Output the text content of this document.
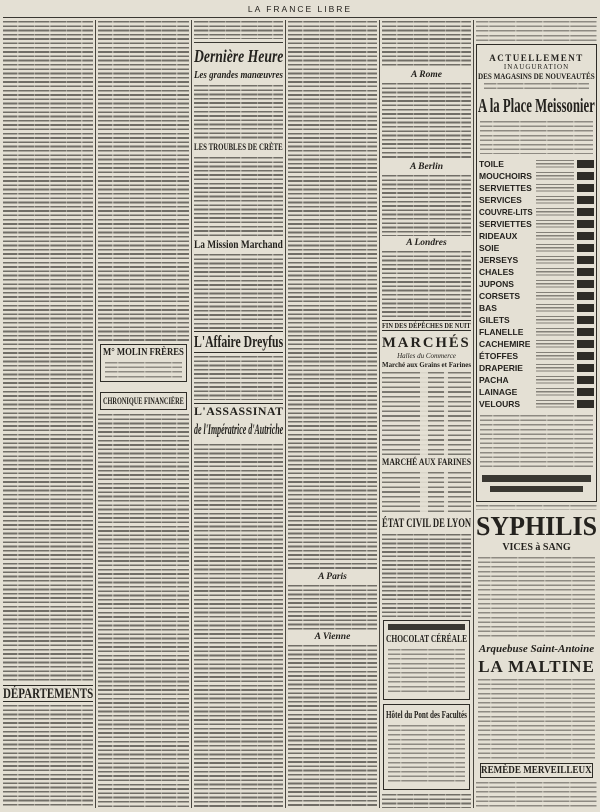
LA FRANCE LIBRE
DÉPARTEMENTS
M° MOLIN FRÈRES
CHRONIQUE FINANCIÈRE
Dernière Heure
Les grandes manœuvres
LES TROUBLES DE CRÈTE
La Mission Marchand
L'Affaire Dreyfus
L'ASSASSINAT
de l'Impératrice d'Autriche
A Paris
A Vienne
A Rome
A Berlin
A Londres
FIN DES DÉPÊCHES DE NUIT
MARCHÉS
Halles du Commerce
Marché aux Grains et Farines
MARCHÉ AUX FARINES
ÉTAT CIVIL DE LYON
CHOCOLAT CÉRÉALE
Hôtel du Pont des Facultés
ACTUELLEMENT
INAUGURATION
DES MAGASINS DE NOUVEAUTÉS
A la Place Meissonier
TOILE
MOUCHOIRS
SERVIETTES
SERVICES
COUVRE-LITS
SERVIETTES
RIDEAUX
SOIE
JERSEYS
CHALES
JUPONS
CORSETS
BAS
GILETS
FLANELLE
CACHEMIRE
ÉTOFFES
DRAPERIE
PACHA
LAINAGE
VELOURS
SYPHILIS
VICES à SANG
Arquebuse Saint-Antoine
LA MALTINE
REMÈDE MERVEILLEUX
